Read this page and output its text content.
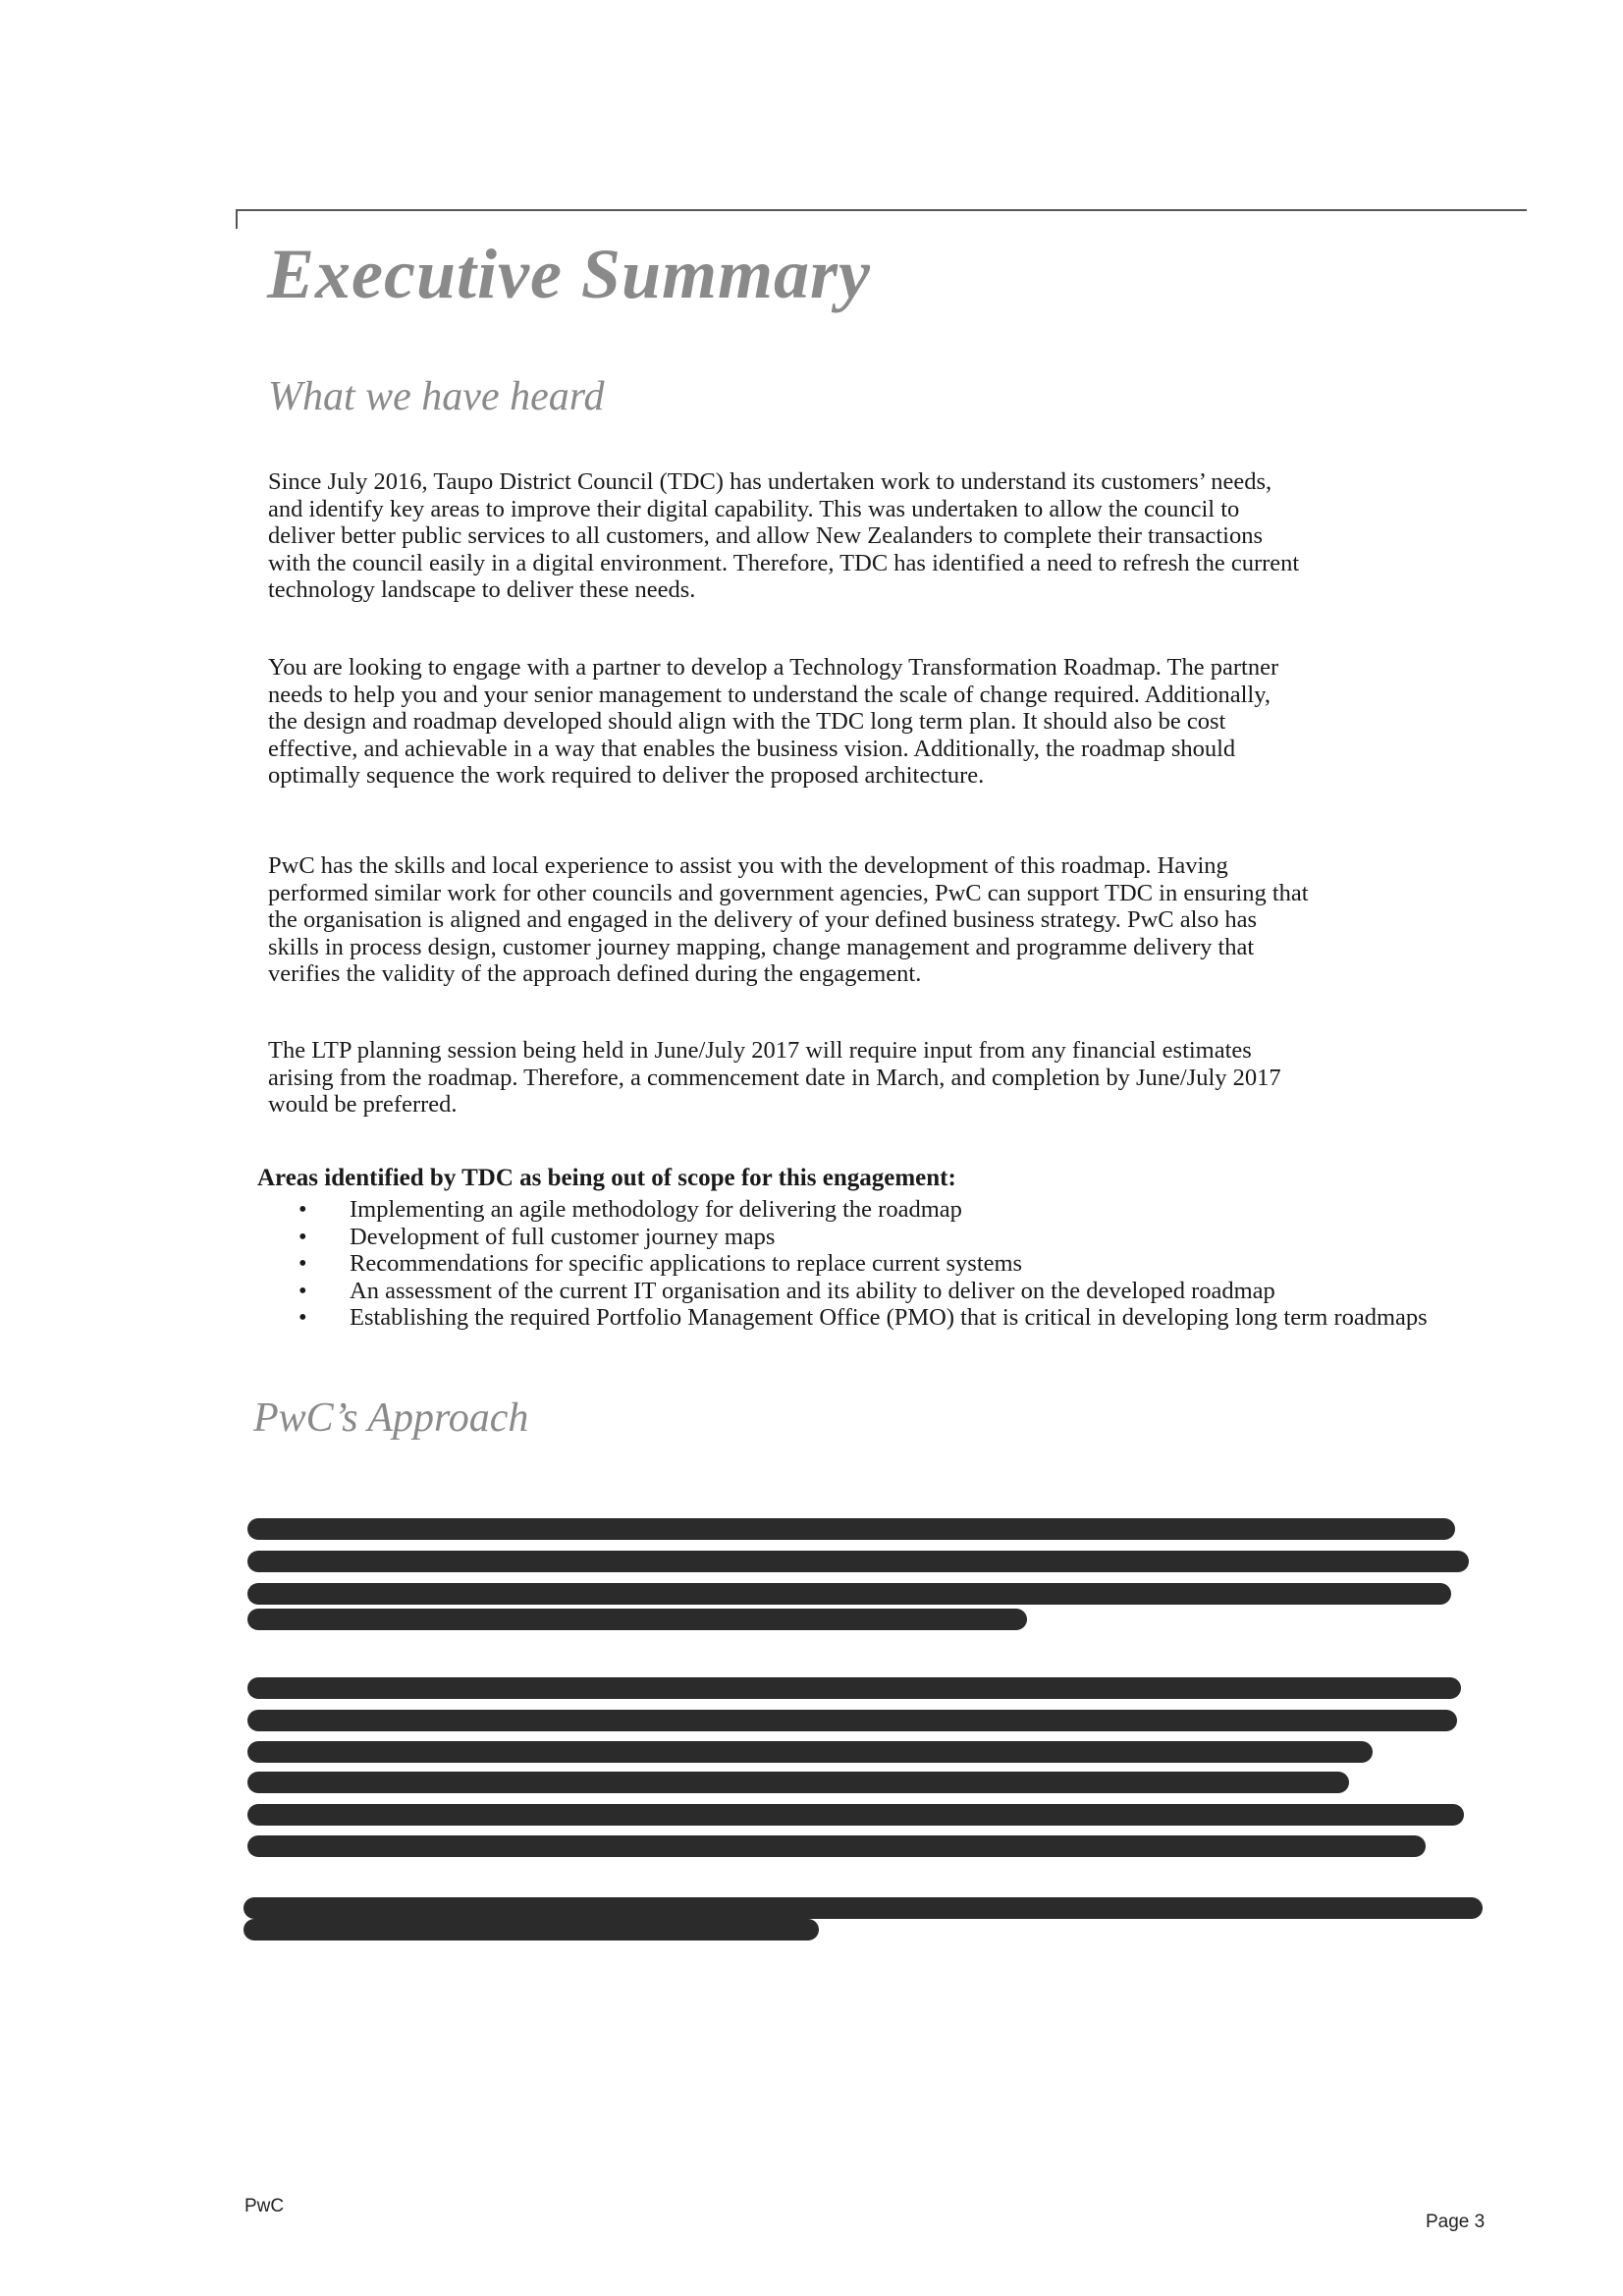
Executive Summary
What we have heard
Since July 2016, Taupo District Council (TDC) has undertaken work to understand its customers’ needs,
and identify key areas to improve their digital capability. This was undertaken to allow the council to
deliver better public services to all customers, and allow New Zealanders to complete their transactions
with the council easily in a digital environment. Therefore, TDC has identified a need to refresh the current
technology landscape to deliver these needs.
You are looking to engage with a partner to develop a Technology Transformation Roadmap. The partner
needs to help you and your senior management to understand the scale of change required. Additionally,
the design and roadmap developed should align with the TDC long term plan. It should also be cost
effective, and achievable in a way that enables the business vision. Additionally, the roadmap should
optimally sequence the work required to deliver the proposed architecture.
PwC has the skills and local experience to assist you with the development of this roadmap. Having
performed similar work for other councils and government agencies, PwC can support TDC in ensuring that
the organisation is aligned and engaged in the delivery of your defined business strategy. PwC also has
skills in process design, customer journey mapping, change management and programme delivery that
verifies the validity of the approach defined during the engagement.
The LTP planning session being held in June/July 2017 will require input from any financial estimates
arising from the roadmap. Therefore, a commencement date in March, and completion by June/July 2017
would be preferred.
Areas identified by TDC as being out of scope for this engagement:
• Implementing an agile methodology for delivering the roadmap
• Development of full customer journey maps
• Recommendations for specific applications to replace current systems
• An assessment of the current IT organisation and its ability to deliver on the developed roadmap
• Establishing the required Portfolio Management Office (PMO) that is critical in developing long term roadmaps
PwC’s Approach
PwC
Page 3
